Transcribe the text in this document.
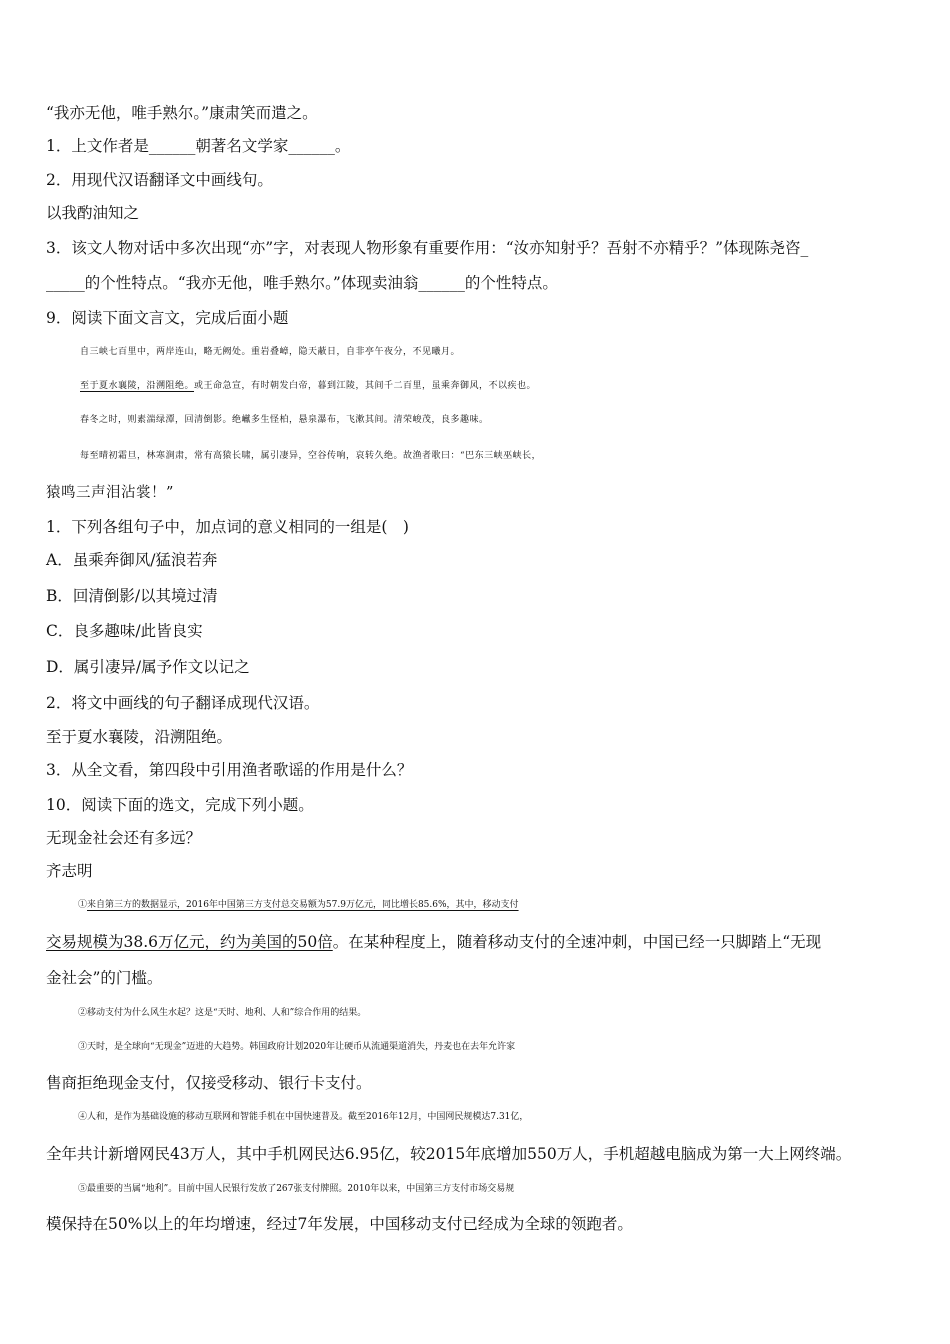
“我亦无他，唯手熟尔。”康肃笑而遣之。
1．上文作者是______朝著名文学家______。
2．用现代汉语翻译文中画线句。
以我酌油知之
3．该文人物对话中多次出现“亦”字，对表现人物形象有重要作用：“汝亦知射乎？吾射不亦精乎？”体现陈尧咨_
_____的个性特点。“我亦无他，唯手熟尔。”体现卖油翁______的个性特点。
9．阅读下面文言文，完成后面小题
自三峡七百里中，两岸连山，略无阙处。重岩叠嶂，隐天蔽日，自非亭午夜分，不见曦月。
至于夏水襄陵，沿溯阻绝。或王命急宣，有时朝发白帝，暮到江陵，其间千二百里，虽乘奔御风，不以疾也。
春冬之时，则素湍绿潭，回清倒影。绝𪩘多生怪柏，悬泉瀑布，飞漱其间。清荣峻茂，良多趣味。
每至晴初霜旦，林寒涧肃，常有高猿长啸，属引凄异，空谷传响，哀转久绝。故渔者歌曰：“巴东三峡巫峡长，
猿鸣三声泪沾裳！”
1．下列各组句子中，加点词的意义相同的一组是(　)
A．虽乘奔御风/猛浪若奔
B．回清倒影/以其境过清
C．良多趣味/此皆良实
D．属引凄异/属予作文以记之
2．将文中画线的句子翻译成现代汉语。
至于夏水襄陵，沿溯阻绝。
3．从全文看，第四段中引用渔者歌谣的作用是什么？
10．阅读下面的选文，完成下列小题。
无现金社会还有多远？
齐志明
①来自第三方的数据显示，2016年中国第三方支付总交易额为57.9万亿元，同比增长85.6%，其中，移动支付
交易规模为38.6万亿元，约为美国的50倍。在某种程度上，随着移动支付的全速冲刺，中国已经一只脚踏上“无现
金社会”的门槛。
②移动支付为什么风生水起？这是“天时、地利、人和”综合作用的结果。
③天时，是全球向“无现金”迈进的大趋势。韩国政府计划2020年让硬币从流通渠道消失，丹麦也在去年允许家
售商拒绝现金支付，仅接受移动、银行卡支付。
④人和，是作为基础设施的移动互联网和智能手机在中国快速普及。截至2016年12月，中国网民规模达7.31亿，
全年共计新增网民43万人，其中手机网民达6.95亿，较2015年底增加550万人，手机超越电脑成为第一大上网终端。
⑤最重要的当属“地利”。目前中国人民银行发放了267张支付牌照。2010年以来，中国第三方支付市场交易规
模保持在50%以上的年均增速，经过7年发展，中国移动支付已经成为全球的领跑者。
